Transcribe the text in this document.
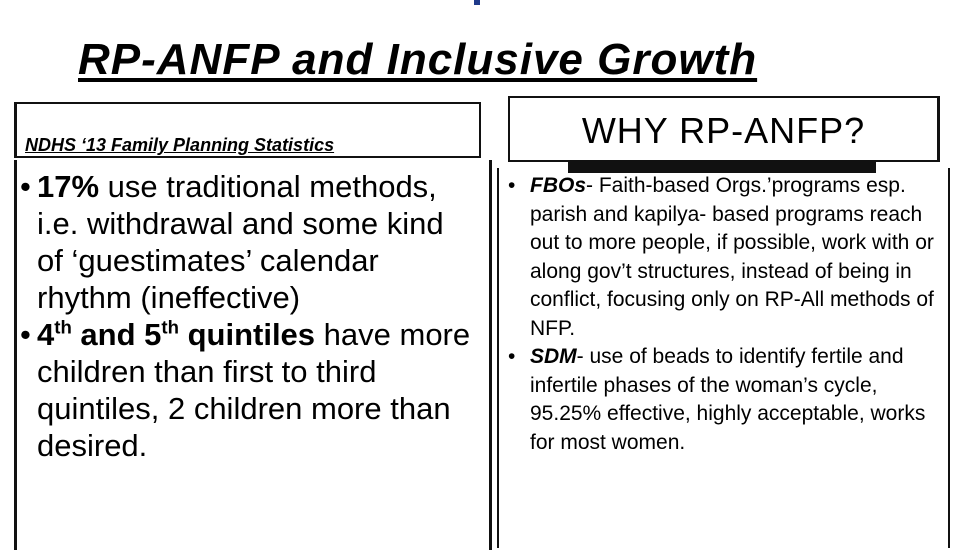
RP-ANFP and Inclusive Growth
NDHS ‘13 Family Planning Statistics
• 17% use traditional methods, i.e. withdrawal and some kind of ‘guestimates’ calendar rhythm (ineffective)
• 4th and 5th quintiles have more children than first to third quintiles, 2 children more than desired.
WHY RP-ANFP?
• FBOs- Faith-based Orgs.’programs esp. parish and kapilya- based programs reach out to more people, if possible, work with or along gov’t structures, instead of being in conflict, focusing only on RP-All methods of NFP.
• SDM- use of beads to identify fertile and infertile phases of the woman’s cycle, 95.25% effective, highly acceptable, works for most women.
